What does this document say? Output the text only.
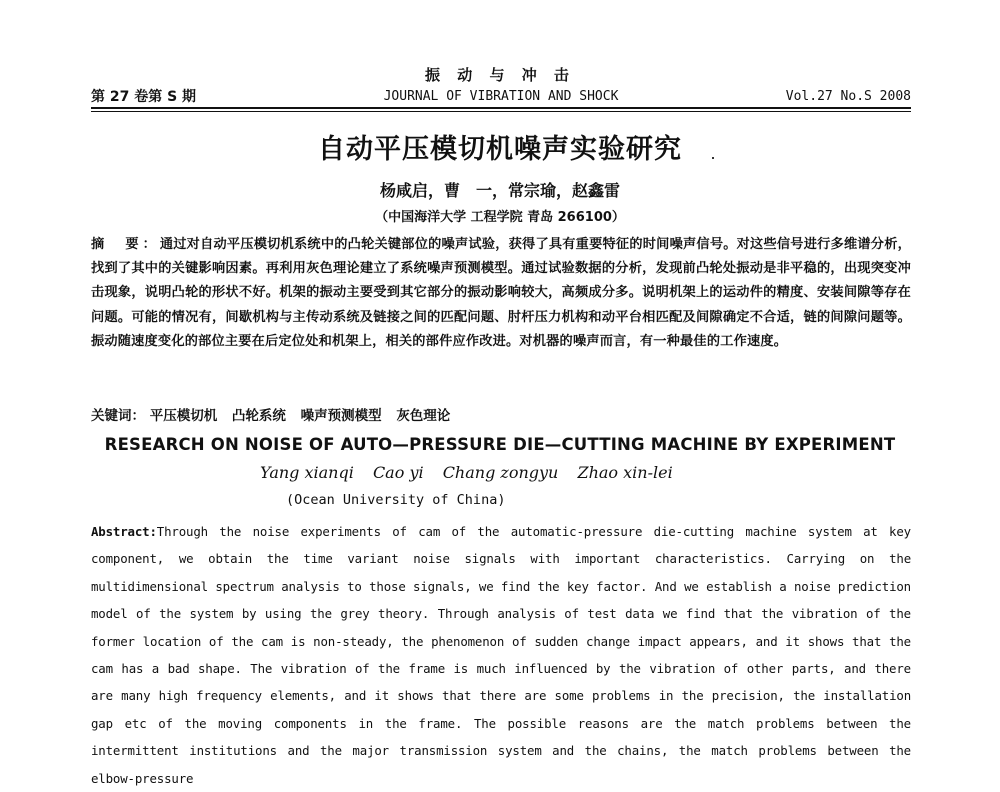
振 动 与 冲 击
第 27 卷第 S 期	JOURNAL OF VIBRATION AND SHOCK	Vol.27 No.S 2008
自动平压模切机噪声实验研究
杨咸启，曹　一，常宗瑜，赵鑫雷
（中国海洋大学 工程学院 青岛 266100）
摘　要：通过对自动平压模切机系统中的凸轮关键部位的噪声试验，获得了具有重要特征的时间噪声信号。对这些信号进行多维谱分析，找到了其中的关键影响因素。再利用灰色理论建立了系统噪声预测模型。通过试验数据的分析，发现前凸轮处振动是非平稳的，出现突变冲击现象，说明凸轮的形状不好。机架的振动主要受到其它部分的振动影响较大，高频成分多。说明机架上的运动件的精度、安装间隙等存在问题。可能的情况有，间歇机构与主传动系统及链接之间的匹配问题、肘杆压力机构和动平台相匹配及间隙确定不合适，链的间隙问题等。振动随速度变化的部位主要在后定位处和机架上，相关的部件应作改进。对机器的噪声而言，有一种最佳的工作速度。
关键词： 平压模切机 凸轮系统 噪声预测模型 灰色理论
RESEARCH ON NOISE OF AUTO—PRESSURE DIE—CUTTING MACHINE BY EXPERIMENT
Yang xianqi Cao yi Chang zongyu Zhao xin-lei
(Ocean University of China)
Abstract:Through the noise experiments of cam of the automatic-pressure die-cutting machine system at key component, we obtain the time variant noise signals with important characteristics. Carrying on the multidimensional spectrum analysis to those signals, we find the key factor. And we establish a noise prediction model of the system by using the grey theory. Through analysis of test data we find that the vibration of the former location of the cam is non-steady, the phenomenon of sudden change impact appears, and it shows that the cam has a bad shape. The vibration of the frame is much influenced by the vibration of other parts, and there are many high frequency elements, and it shows that there are some problems in the precision, the installation gap etc of the moving components in the frame. The possible reasons are the match problems between the intermittent institutions and the major transmission system and the chains, the match problems between the elbow-pressure
